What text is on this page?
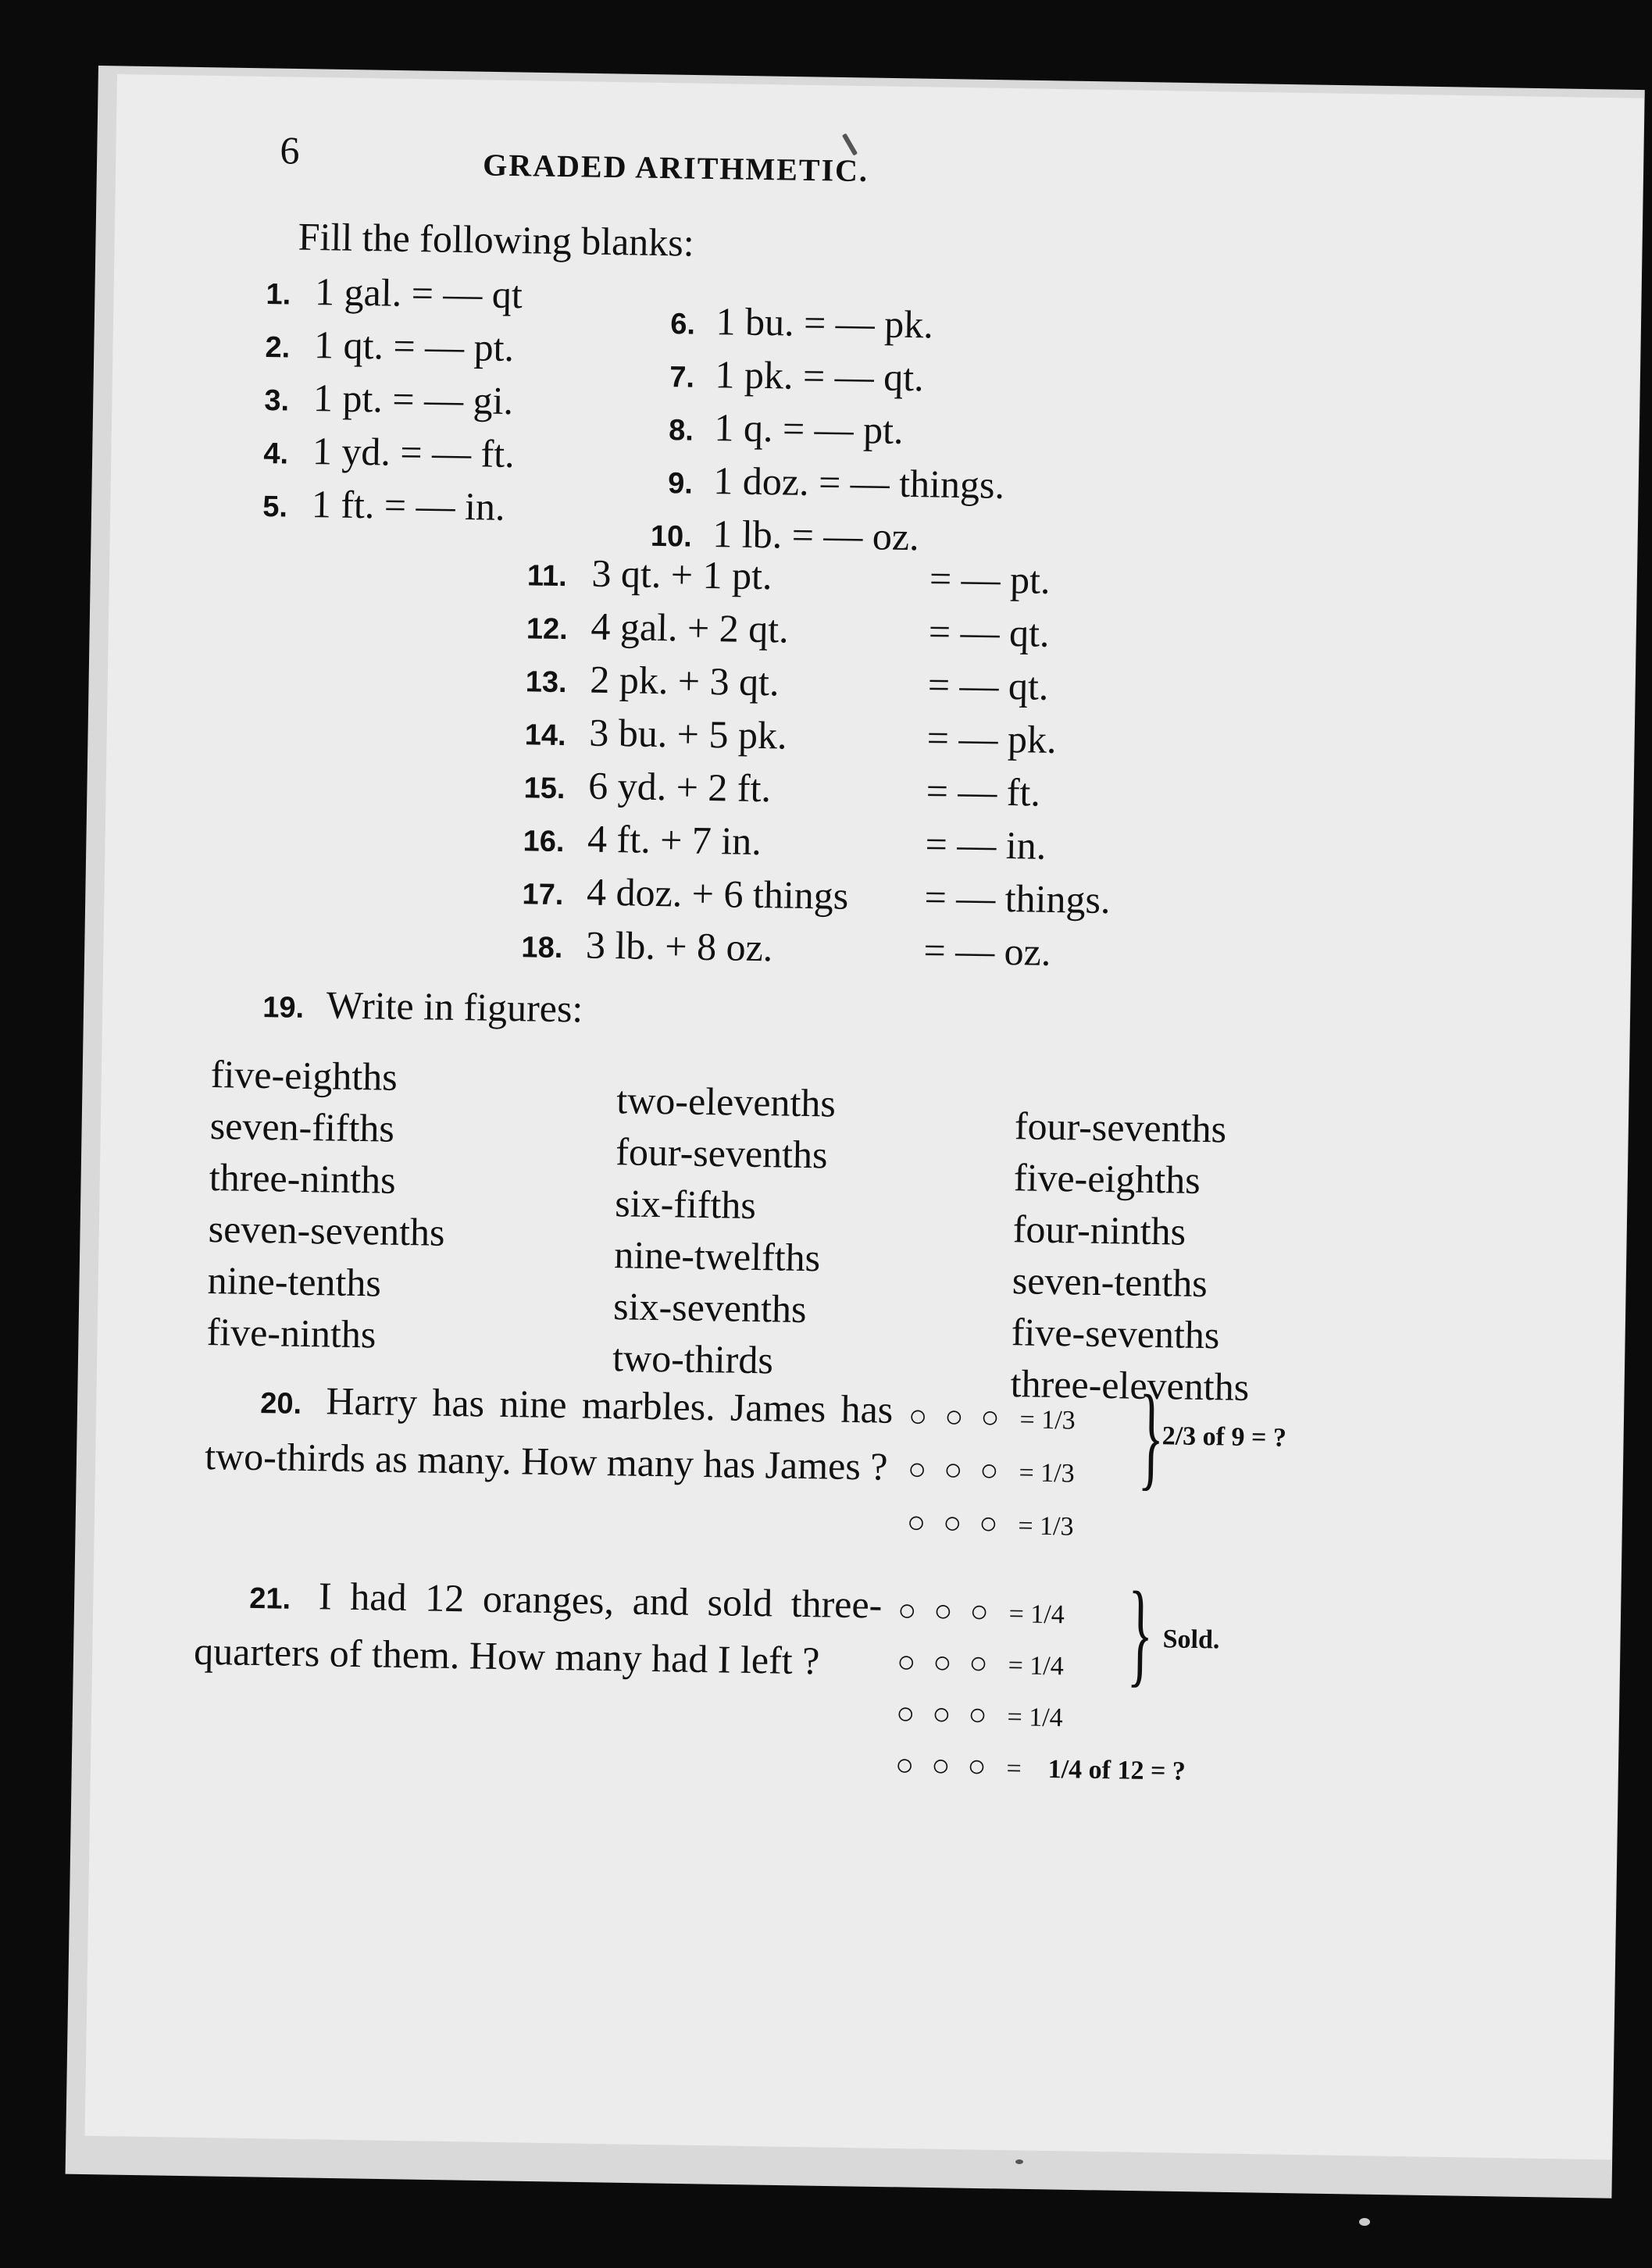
6	GRADED ARITHMETIC.
Fill the following blanks:
1. 1 gal. = — qt
2. 1 qt. = — pt.
3. 1 pt. = — gi.
4. 1 yd. = — ft.
5. 1 ft. = — in.
6. 1 bu. = — pk.
7. 1 pk. = — qt.
8. 1 q. = — pt.
9. 1 doz. = — things.
10. 1 lb. = — oz.
11. 3 qt. + 1 pt.	= — pt.
12. 4 gal. + 2 qt.	= — qt.
13. 2 pk. + 3 qt.	= — qt.
14. 3 bu. + 5 pk.	= — pk.
15. 6 yd. + 2 ft.	= — ft.
16. 4 ft. + 7 in.	= — in.
17. 4 doz. + 6 things = — things.
18. 3 lb. + 8 oz.	= — oz.
19. Write in figures:
five-eighths
seven-fifths
three-ninths
seven-sevenths
nine-tenths
five-ninths
two-elevenths
four-sevenths
six-fifths
nine-twelfths
six-sevenths
two-thirds
four-sevenths
five-eighths
four-ninths
seven-tenths
five-sevenths
three-elevenths
20. Harry has nine marbles. James has two-thirds as many. How many has James ?
○○○ = 1/3
○○○ = 1/3
○○○ = 1/3
}
2/3 of 9 = ?
21. I had 12 oranges, and sold three-quarters of them. How many had I left ?
○○○ = 1/4
○○○ = 1/4
○○○ = 1/4
○○○ = 1/4 of 12 = ?
} Sold.
